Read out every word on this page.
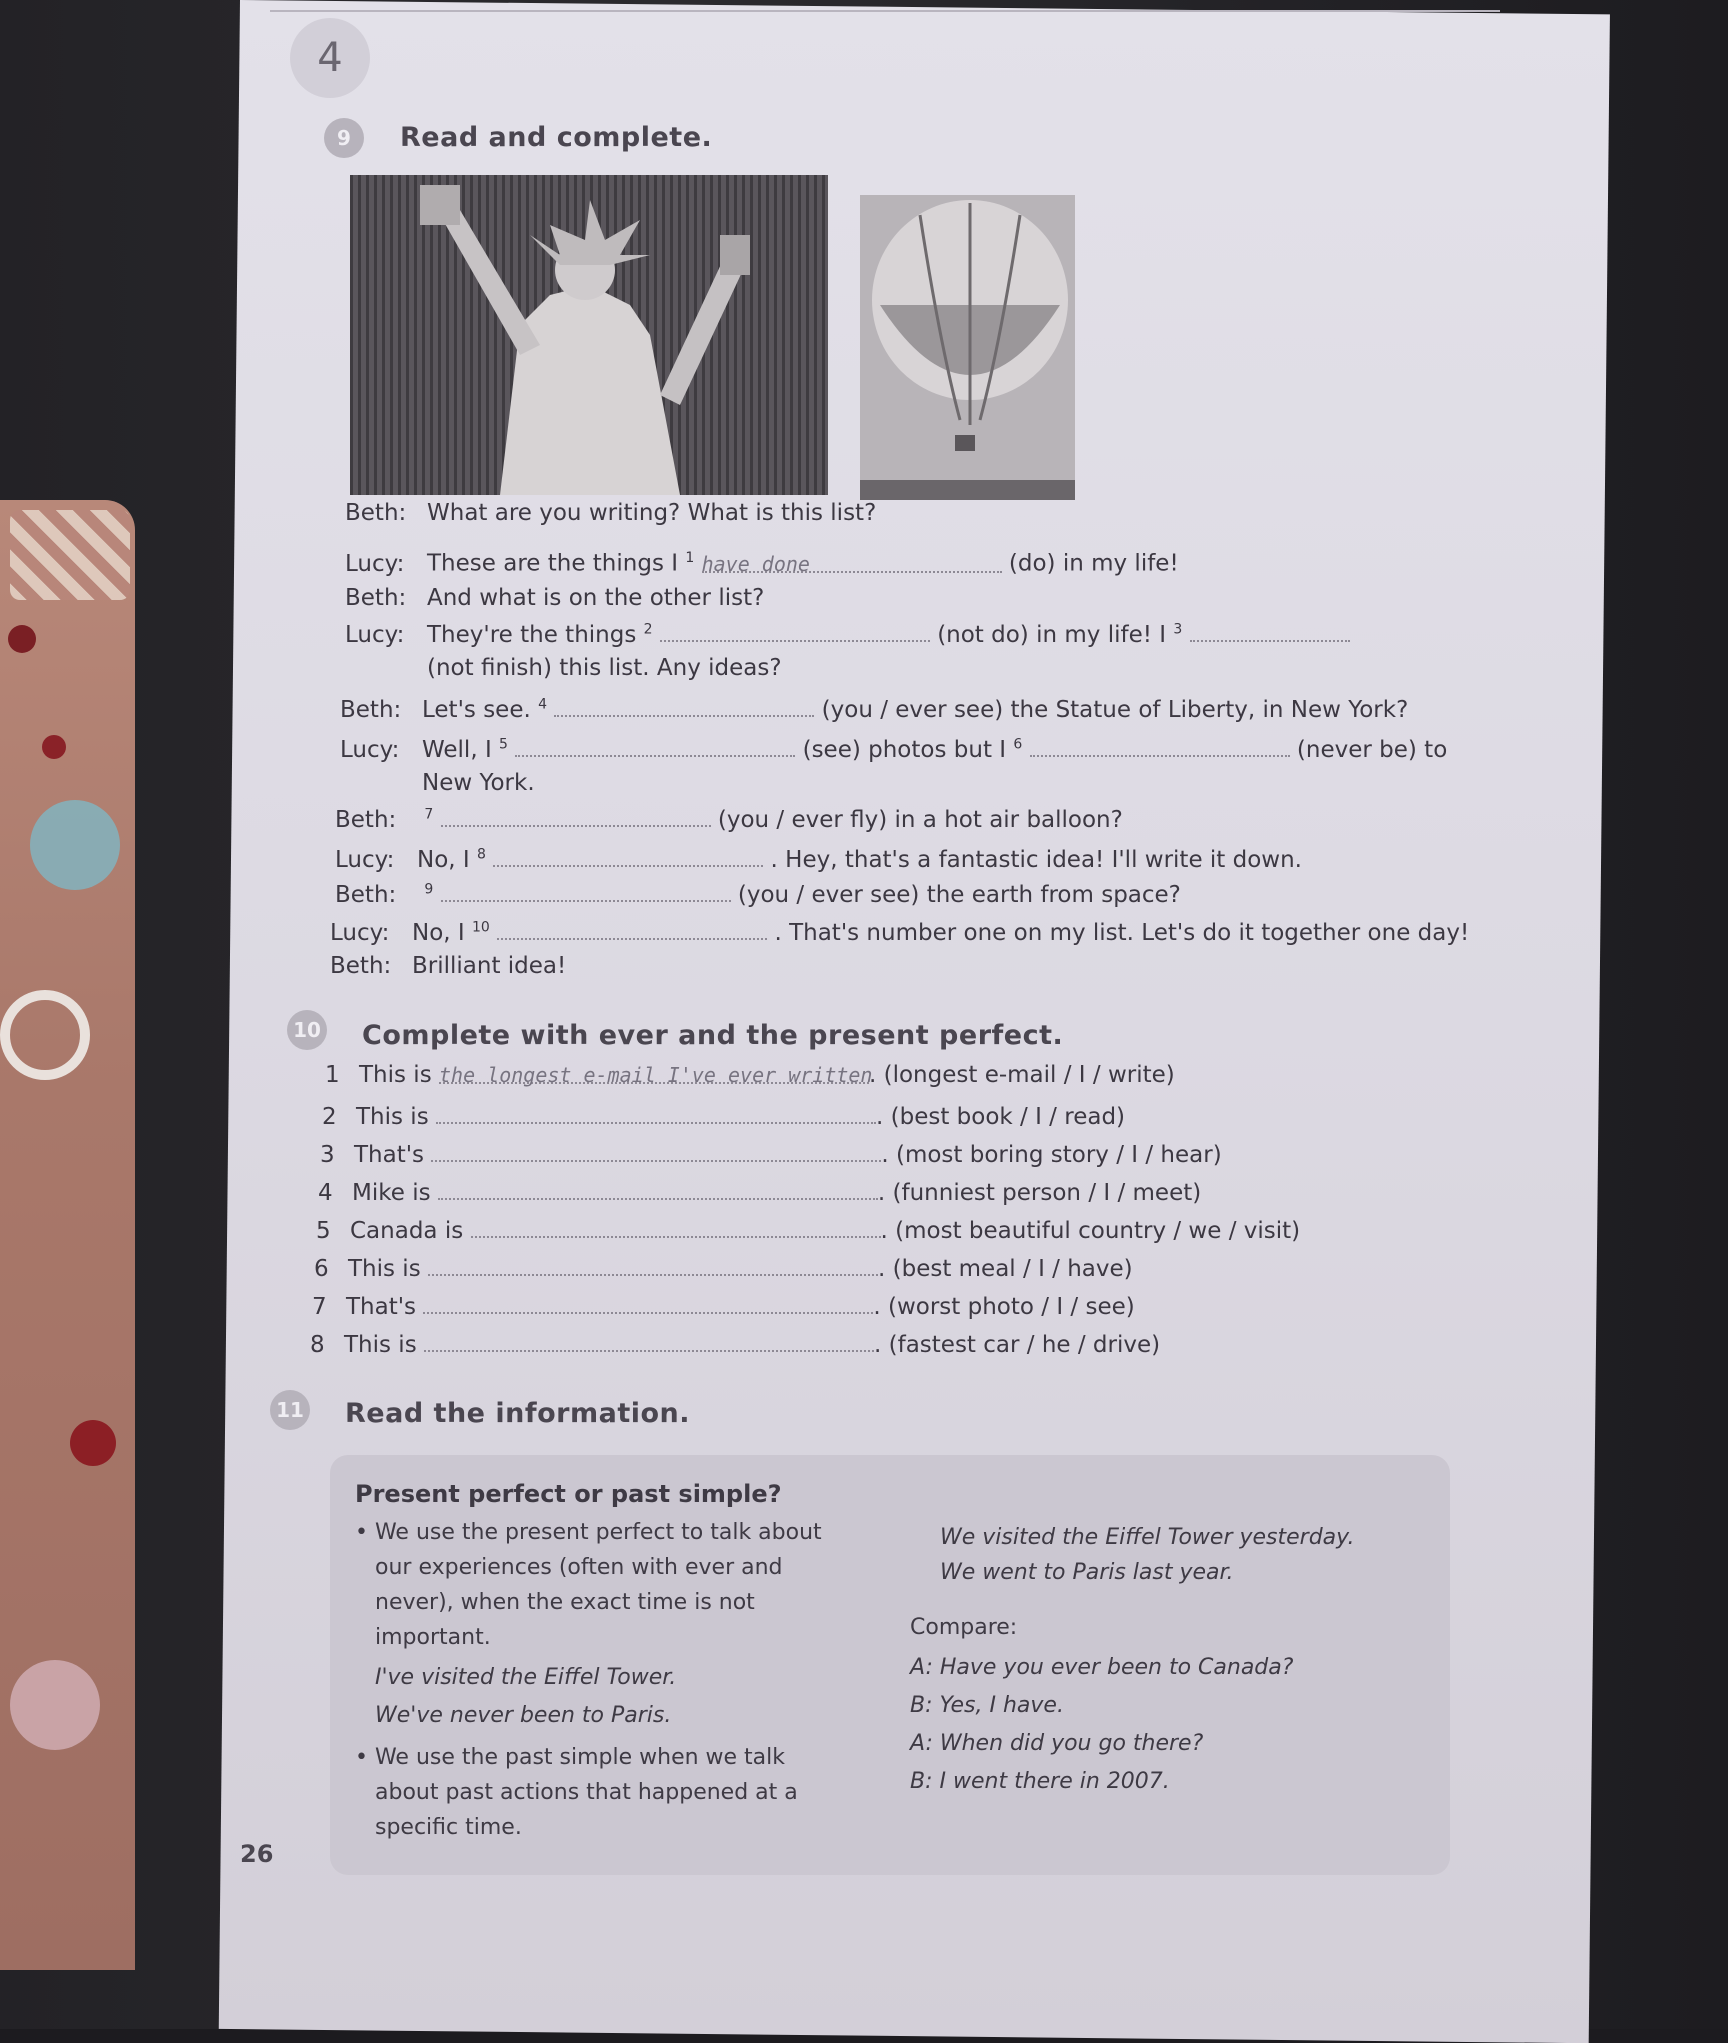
4
9	Read and complete.
Beth: What are you writing? What is this list?
Lucy: These are the things I $^1$ have done	(do) in my life!
Beth: And what is on the other list?
Lucy: They're the things $^2$	(not do) in my life! I $^3$
(not finish) this list. Any ideas?
Beth: Let's see. $^4$	(you / ever see) the Statue of Liberty, in New York?
Lucy: Well, I $^5$	(see) photos but I $^6$	(never be) to
New York.
Beth: $^7$	(you / ever fly) in a hot air balloon?
Lucy: No, I $^8$	. Hey, that's a fantastic idea! I'll write it down.
Beth: $^9$	(you / ever see) the earth from space?
Lucy: No, I $^{10}$	. That's number one on my list. Let's do it together one day!
Beth: Brilliant idea!
10 Complete with ever and the present perfect.
1 This is the longest e-mail I've ever written. (longest e-mail / I / write)
2 This is	. (best book / I / read)
3 That's	. (most boring story / I / hear)
4 Mike is	. (funniest person / I / meet)
5 Canada is	. (most beautiful country / we / visit)
6 This is	. (best meal / I / have)
7 That's	. (worst photo / I / see)
8 This is	. (fastest car / he / drive)
11 Read the information.
Present perfect or past simple?
• We use the present perfect to talk about
our experiences (often with ever and
never), when the exact time is not
important.
I've visited the Eiffel Tower.
We've never been to Paris.
• We use the past simple when we talk
about past actions that happened at a
specific time.
We visited the Eiffel Tower yesterday.
We went to Paris last year.
Compare:
A: Have you ever been to Canada?
B: Yes, I have.
A: When did you go there?
B: I went there in 2007.
26
